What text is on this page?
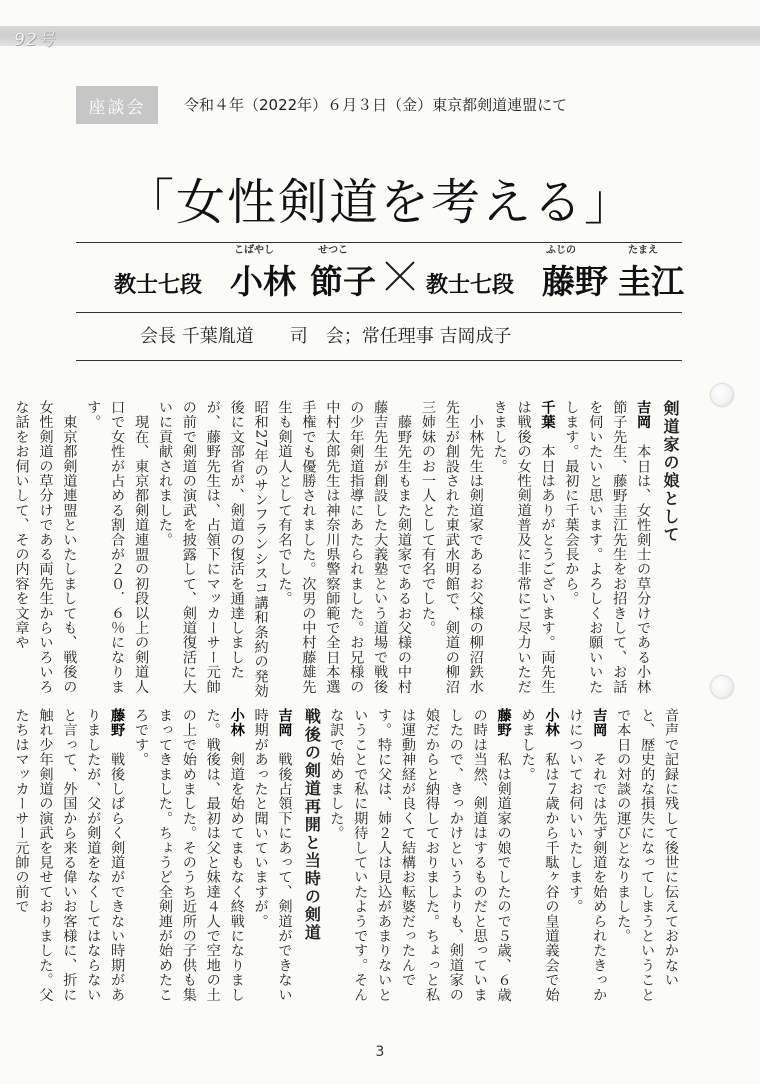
92号
座談会	令和４年（2022年）６月３日（金）東京都剣道連盟にて
「女性剣道を考える」
教士七段
こばやし
小林
せつこ
節子 教士七段
ふじの
藤野
たまえ
圭江
会長 千葉胤道　　司　会；常任理事 吉岡成子

剣道家の娘として

吉岡　本日は、女性剣士の草分けである小林節子先生、藤野圭江先生をお招きして、お話を伺いたいと思います。よろしくお願いいたします。最初に千葉会長から。

千葉　本日はありがとうございます。両先生は戦後の女性剣道普及に非常にご尽力いただきました。

　小林先生は剣道家であるお父様の柳沼鉄水先生が創設された東武水明館で、剣道の柳沼三姉妹のお一人として有名でした。

　藤野先生もまた剣道家であるお父様の中村藤吉先生が創設した大義塾という道場で戦後の少年剣道指導にあたられました。お兄様の中村太郎先生は神奈川県警察師範で全日本選手権でも優勝されました。次男の中村藤雄先生も剣道人として有名でした。

昭和27年のサンフランシスコ講和条約の発効後に文部省が、剣道の復活を通達しましたが、藤野先生は、占領下にマッカーサー元帥の前で剣道の演武を披露して、剣道復活に大いに貢献されました。

　現在、東京都剣道連盟の初段以上の剣道人口で女性が占める割合が２０．６％になります。

　東京都剣道連盟といたしましても、戦後の女性剣道の草分けである両先生からいろいろな話をお伺いして、その内容を文章や

音声で記録に残して後世に伝えておかないと、歴史的な損失になってしまうということで本日の対談の運びとなりました。

吉岡　それでは先ず剣道を始められたきっかけについてお伺いいたします。

小林　私は７歳から千駄ヶ谷の皇道義会で始めました。

藤野　私は剣道家の娘でしたので５歳、６歳の時は当然、剣道はするものだと思っていましたので、きっかけというよりも、剣道家の娘だからと納得しておりました。ちょっと私は運動神経が良くて結構お転婆だったんです。特に父は、姉２人は見込があまりないということで私に期待していたようです。そんな訳で始めました。

戦後の剣道再開と当時の剣道

吉岡　戦後占領下にあって、剣道ができない時期があったと聞いていますが。

小林　剣道を始めてまもなく終戦になりました。戦後は、最初は父と妹達４人で空地の土の上で始めました。そのうち近所の子供も集まってきました。ちょうど全剣連が始めたころです。

藤野　戦後しばらく剣道ができない時期がありましたが、父が剣道をなくしてはならないと言って、外国から来る偉いお客様に、折に触れ少年剣道の演武を見せておりました。父たちはマッカーサー元帥の前で

3
